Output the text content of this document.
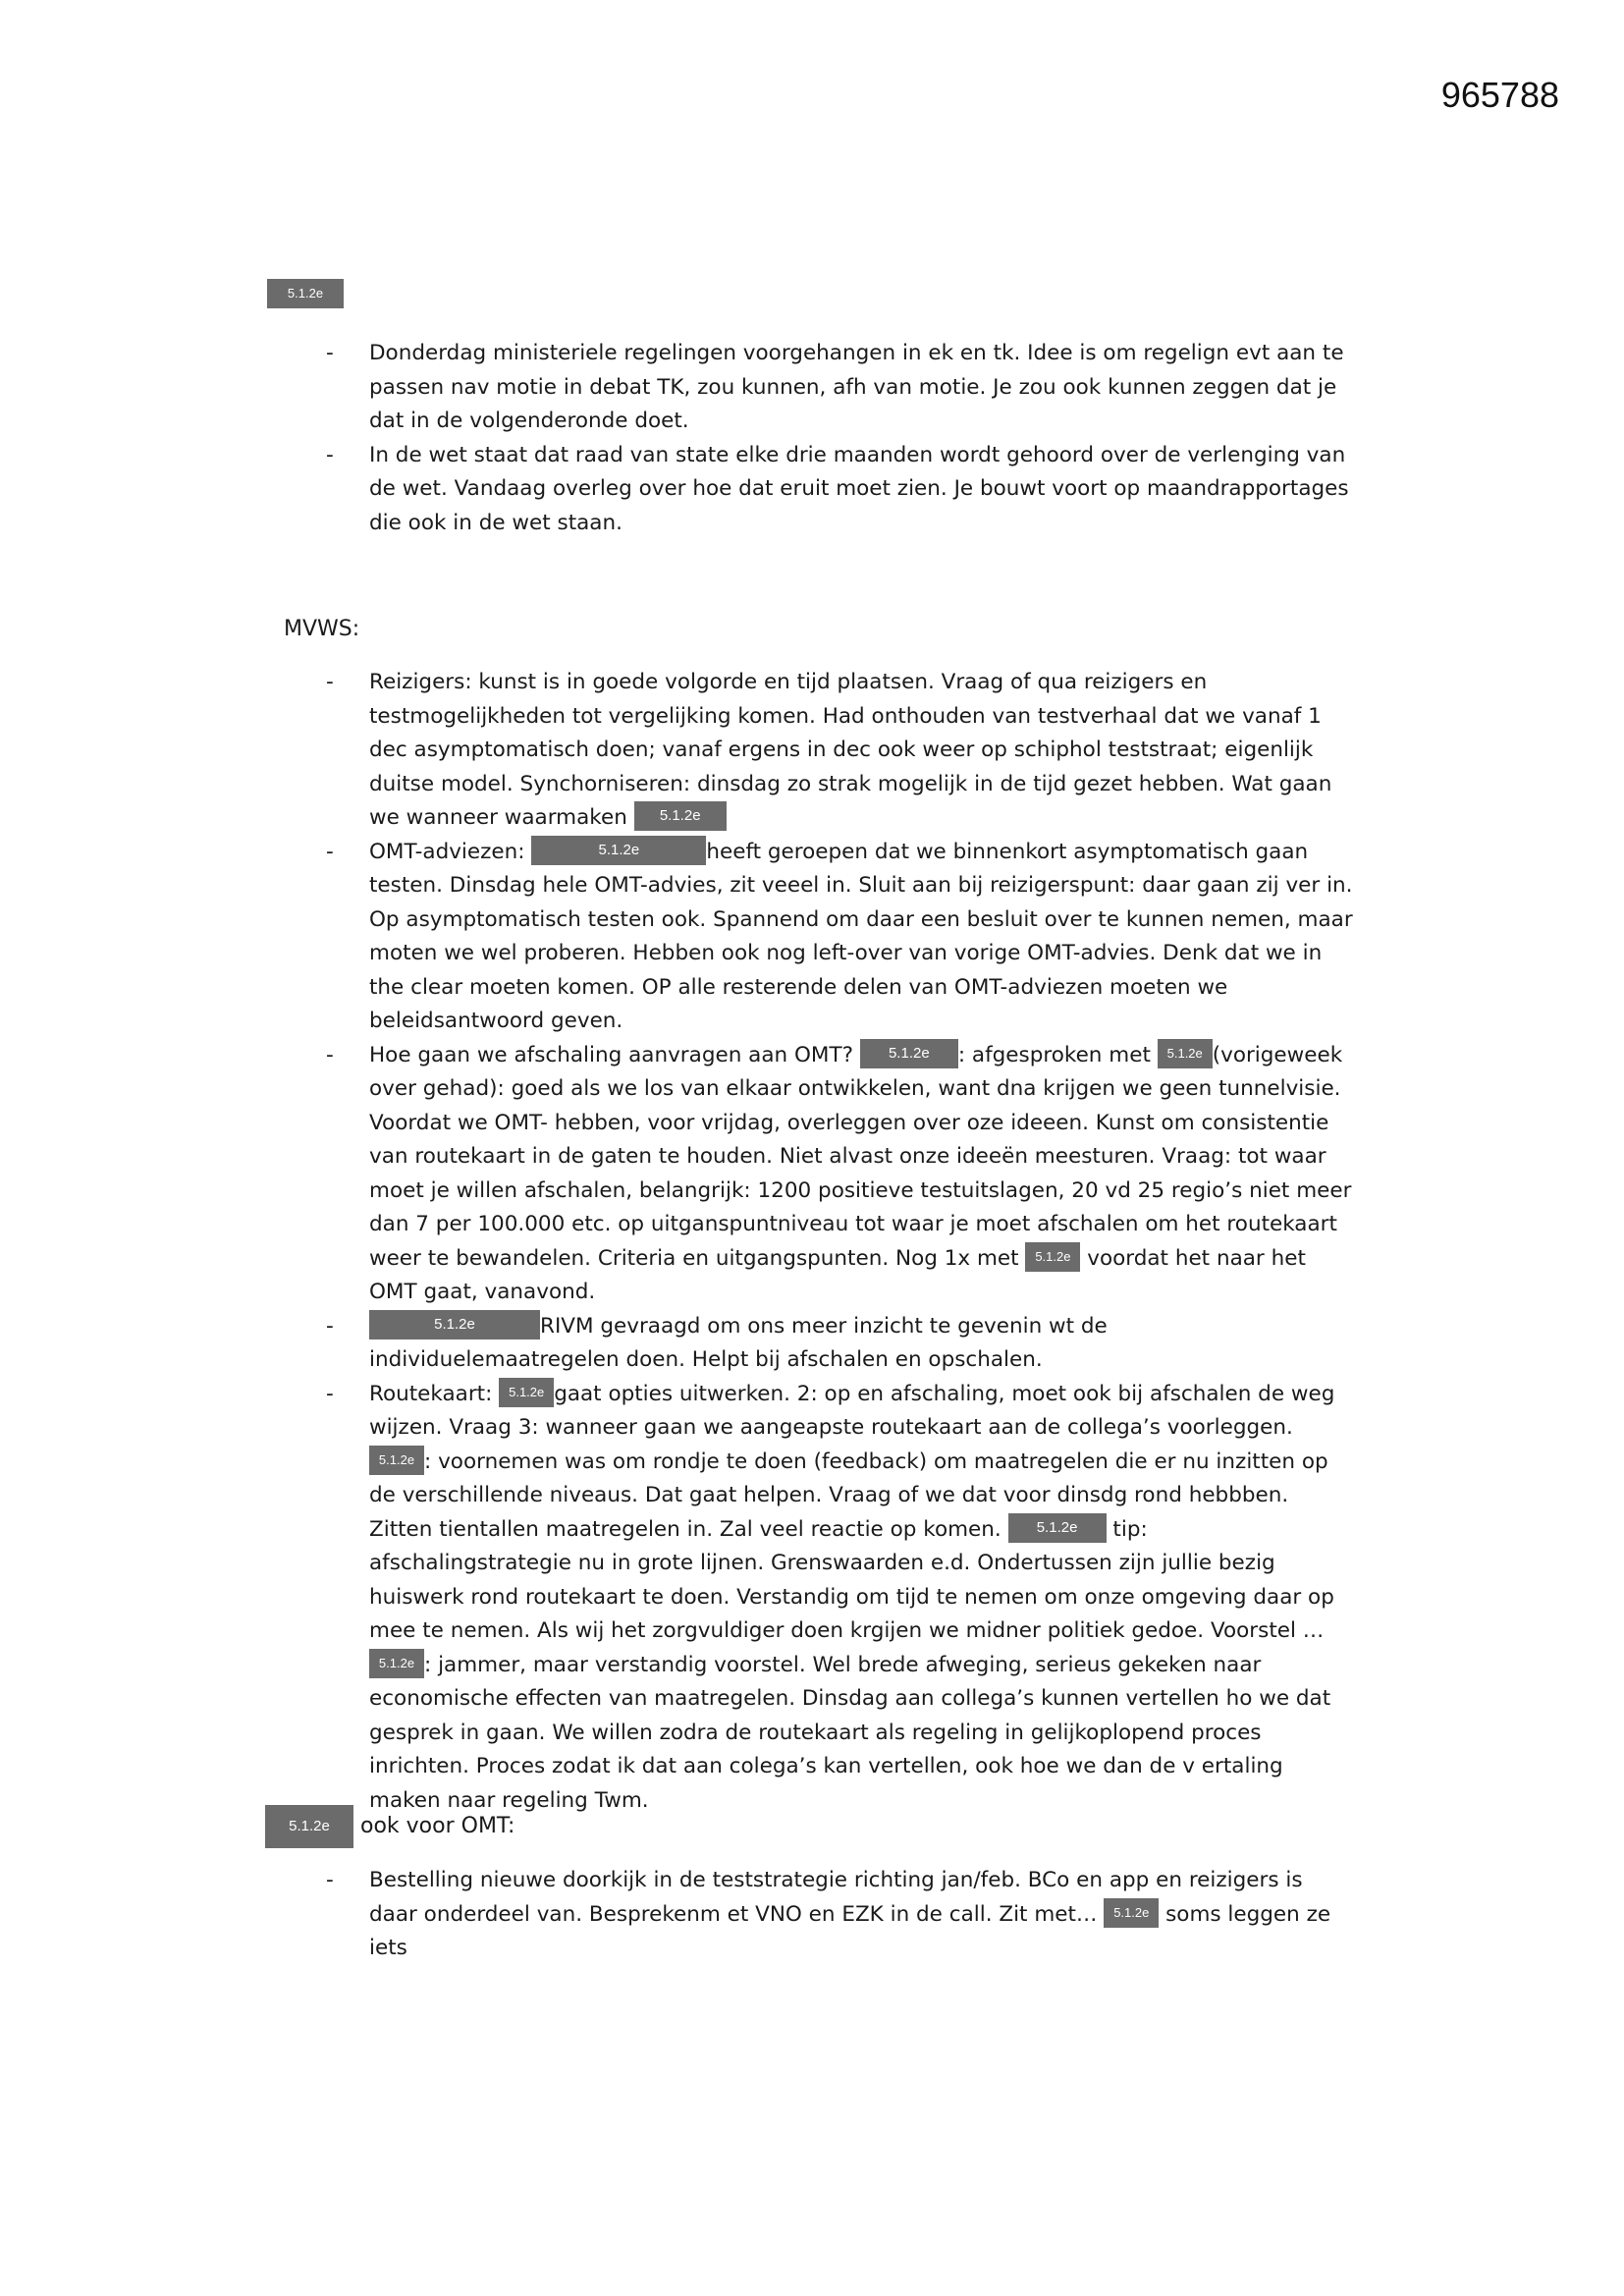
965788
5.1.2e
- Donderdag ministeriele regelingen voorgehangen in ek en tk. Idee is om regelign evt aan te passen nav motie in debat TK, zou kunnen, afh van motie. Je zou ook kunnen zeggen dat je dat in de volgenderonde doet.
- In de wet staat dat raad van state elke drie maanden wordt gehoord over de verlenging van de wet. Vandaag overleg over hoe dat eruit moet zien. Je bouwt voort op maandrapportages die ook in de wet staan.
MVWS:
- Reizigers: kunst is in goede volgorde en tijd plaatsen. Vraag of qua reizigers en testmogelijkheden tot vergelijking komen. Had onthouden van testverhaal dat we vanaf 1 dec asymptomatisch doen; vanaf ergens in dec ook weer op schiphol teststraat; eigenlijk duitse model. Synchorniseren: dinsdag zo strak mogelijk in de tijd gezet hebben. Wat gaan we wanneer waarmaken 5.1.2e
- OMT-adviezen:	5.1.2e	heeft geroepen dat we binnenkort asymptomatisch gaan testen. Dinsdag hele OMT-advies, zit veeel in. Sluit aan bij reizigerspunt: daar gaan zij ver in. Op asymptomatisch testen ook. Spannend om daar een besluit over te kunnen nemen, maar moten we wel proberen. Hebben ook nog left-over van vorige OMT-advies. Denk dat we in the clear moeten komen. OP alle resterende delen van OMT-adviezen moeten we beleidsantwoord geven.
- Hoe gaan we afschaling aanvragen aan OMT? 5.1.2e : afgesproken met 5.1.2e (vorigeweek over gehad): goed als we los van elkaar ontwikkelen, want dna krijgen we geen tunnelvisie. Voordat we OMT- hebben, voor vrijdag, overleggen over oze ideeen. Kunst om consistentie van routekaart in de gaten te houden. Niet alvast onze ideeën meesturen. Vraag: tot waar moet je willen afschalen, belangrijk: 1200 positieve testuitslagen, 20 vd 25 regio’s niet meer dan 7 per 100.000 etc. op uitganspuntniveau tot waar je moet afschalen om het routekaart weer te bewandelen. Criteria en uitgangspunten. Nog 1x met 5.1.2e voordat het naar het OMT gaat, vanavond.
-	5.1.2e	RIVM gevraagd om ons meer inzicht te gevenin wt de individuelemaatregelen doen. Helpt bij afschalen en opschalen.
- Routekaart: 5.1.2e gaat opties uitwerken. 2: op en afschaling, moet ook bij afschalen de weg wijzen. Vraag 3: wanneer gaan we aangeapste routekaart aan de collega’s voorleggen. 5.1.2e : voornemen was om rondje te doen (feedback) om maatregelen die er nu inzitten op de verschillende niveaus. Dat gaat helpen. Vraag of we dat voor dinsdg rond hebbben. Zitten tientallen maatregelen in. Zal veel reactie op komen. 5.1.2e tip: afschalingstrategie nu in grote lijnen. Grenswaarden e.d. Ondertussen zijn jullie bezig huiswerk rond routekaart te doen. Verstandig om tijd te nemen om onze omgeving daar op mee te nemen. Als wij het zorgvuldiger doen krgijen we midner politiek gedoe. Voorstel … 5.1.2e : jammer, maar verstandig voorstel. Wel brede afweging, serieus gekeken naar economische effecten van maatregelen. Dinsdag aan collega’s kunnen vertellen ho we dat gesprek in gaan. We willen zodra de routekaart als regeling in gelijkoplopend proces inrichten. Proces zodat ik dat aan colega’s kan vertellen, ook hoe we dan de v ertaling maken naar regeling Twm.
5.1.2e ook voor OMT:
- Bestelling nieuwe doorkijk in de teststrategie richting jan/feb. BCo en app en reizigers is daar onderdeel van. Besprekenm et VNO en EZK in de call. Zit met… 5.1.2e soms leggen ze iets
